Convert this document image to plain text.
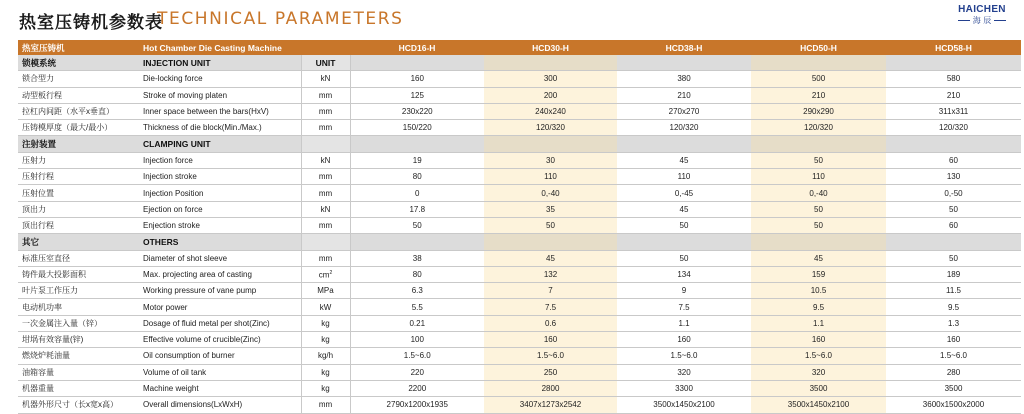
热室压铸机参数表
TECHNICAL PARAMETERS	HAICHEN
海 辰
热室压铸机	Hot Chamber Die Casting Machine		HCD16-H	HCD30-H	HCD38-H	HCD50-H	HCD58-H
锁模系统	INJECTION UNIT	UNIT					
锁合型力	Die-locking force	kN	160	300	380	500	580
动型板行程	Stroke of moving platen	mm	125	200	210	210	210
拉杠内间距（水平x垂直）	Inner space between the bars(HxV)	mm	230x220	240x240	270x270	290x290	311x311
压铸模厚度（最大/最小）	Thickness of die block(Min./Max.)	mm	150/220	120/320	120/320	120/320	120/320
注射装置	CLAMPING UNIT						
压射力	Injection force	kN	19	30	45	50	60
压射行程	Injection stroke	mm	80	110	110	110	130
压射位置	Injection Position	mm	0	0,-40	0,-45	0,-40	0,-50
顶出力	Ejection on force	kN	17.8	35	45	50	50
顶出行程	Enjection stroke	mm	50	50	50	50	60
其它	OTHERS						
标准压室直径	Diameter of shot sleeve	mm	38	45	50	45	50
铸件最大投影面积	Max. projecting area of casting	$cm^2$	80	132	134	159	189
叶片泵工作压力	Working pressure of vane pump	MPa	6.3	7	9	10.5	11.5
电动机功率	Motor power	kW	5.5	7.5	7.5	9.5	9.5
一次金属注入量（锌）	Dosage of fluid metal per shot(Zinc)	kg	0.21	0.6	1.1	1.1	1.3
坩埚有效容量(锌)	Effective volume of crucible(Zinc)	kg	100	160	160	160	160
燃烧炉耗油量	Oil consumption of burner	kg/h	1.5~6.0	1.5~6.0	1.5~6.0	1.5~6.0	1.5~6.0
油箱容量	Volume of oil tank	kg	220	250	320	320	280
机器重量	Machine weight	kg	2200	2800	3300	3500	3500
机器外形尺寸（长x宽x高）	Overall dimensions(LxWxH)	mm	2790x1200x1935	3407x1273x2542	3500x1450x2100	3500x1450x2100	3600x1500x2000
